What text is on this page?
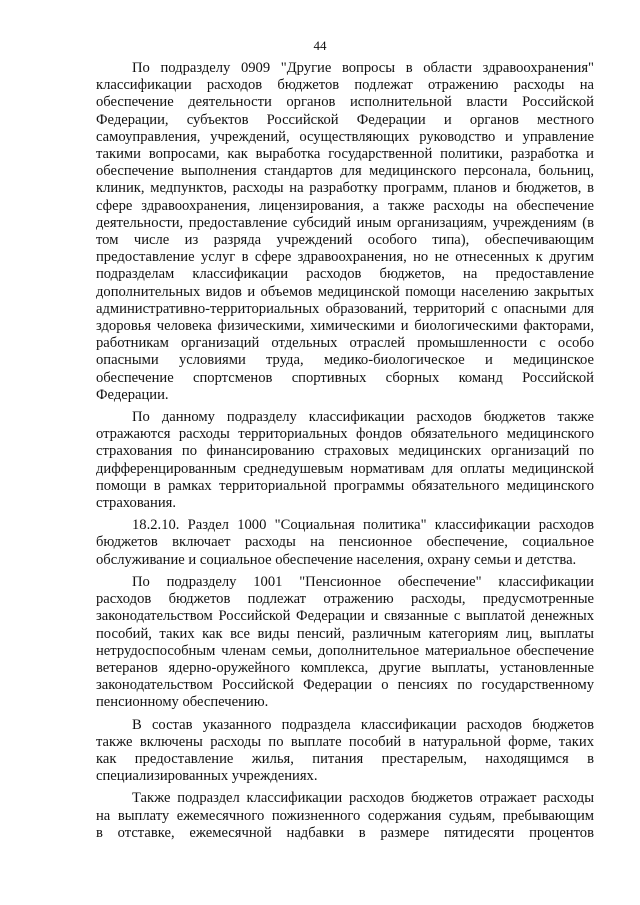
44

По подразделу 0909 "Другие вопросы в области здравоохранения"
классификации расходов бюджетов подлежат отражению расходы на
обеспечение деятельности органов исполнительной власти Российской
Федерации, субъектов Российской Федерации и органов местного
самоуправления, учреждений, осуществляющих руководство и управление
такими вопросами, как выработка государственной политики, разработка и
обеспечение выполнения стандартов для медицинского персонала, больниц,
клиник, медпунктов, расходы на разработку программ, планов и бюджетов, в
сфере здравоохранения, лицензирования, а также расходы на обеспечение
деятельности, предоставление субсидий иным организациям, учреждениям (в
том числе из разряда учреждений особого типа), обеспечивающим
предоставление услуг в сфере здравоохранения, но не отнесенных к другим
подразделам классификации расходов бюджетов, на предоставление
дополнительных видов и объемов медицинской помощи населению закрытых
административно-территориальных образований, территорий с опасными для
здоровья человека физическими, химическими и биологическими факторами,
работникам организаций отдельных отраслей промышленности с особо
опасными условиями труда, медико-биологическое и медицинское
обеспечение спортсменов спортивных сборных команд Российской
Федерации.

По данному подразделу классификации расходов бюджетов также
отражаются расходы территориальных фондов обязательного медицинского
страхования по финансированию страховых медицинских организаций по
дифференцированным среднедушевым нормативам для оплаты медицинской
помощи в рамках территориальной программы обязательного медицинского
страхования.

18.2.10. Раздел 1000 "Социальная политика" классификации расходов
бюджетов включает расходы на пенсионное обеспечение, социальное
обслуживание и социальное обеспечение населения, охрану семьи и детства.

По подразделу 1001 "Пенсионное обеспечение" классификации
расходов бюджетов подлежат отражению расходы, предусмотренные
законодательством Российской Федерации и связанные с выплатой денежных
пособий, таких как все виды пенсий, различным категориям лиц, выплаты
нетрудоспособным членам семьи, дополнительное материальное обеспечение
ветеранов ядерно-оружейного комплекса, другие выплаты, установленные
законодательством Российской Федерации о пенсиях по государственному
пенсионному обеспечению.

В состав указанного подраздела классификации расходов бюджетов
также включены расходы по выплате пособий в натуральной форме, таких
как предоставление жилья, питания престарелым, находящимся в
специализированных учреждениях.

Также подраздел классификации расходов бюджетов отражает расходы
на выплату ежемесячного пожизненного содержания судьям, пребывающим
в отставке, ежемесячной надбавки в размере пятидесяти процентов
